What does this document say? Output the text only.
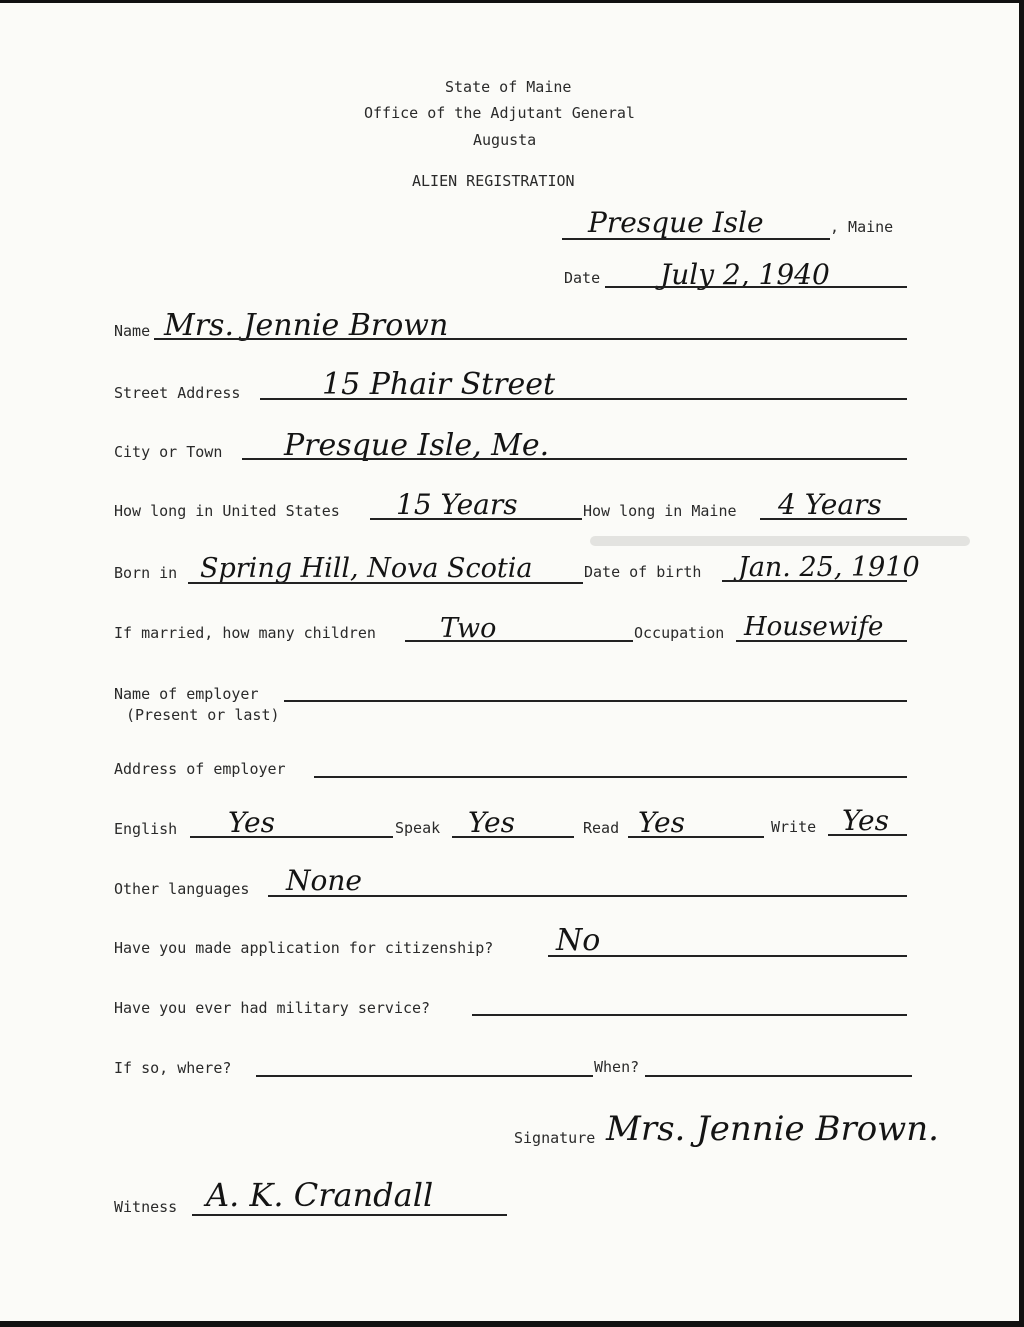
State of Maine
Office of the Adjutant General
Augusta
ALIEN REGISTRATION
Presque Isle	, Maine
Date July 2, 1940
Name Mrs. Jennie Brown
Street Address	15 Phair Street
City or Town Presque Isle, Me.
How long in United States 15 Years	How long in Maine 4 Years
Born in Spring Hill, Nova Scotia	Date of birth Jan. 25, 1910
If married, how many children Two	Occupation Housewife
Name of employer
(Present or last)
Address of employer
English Yes	Speak Yes	Read Yes	Write Yes
Other languages None
Have you made application for citizenship? No
Have you ever had military service?
If so, where?	When?
Signature Mrs. Jennie Brown.
Witness A. K. Crandall
